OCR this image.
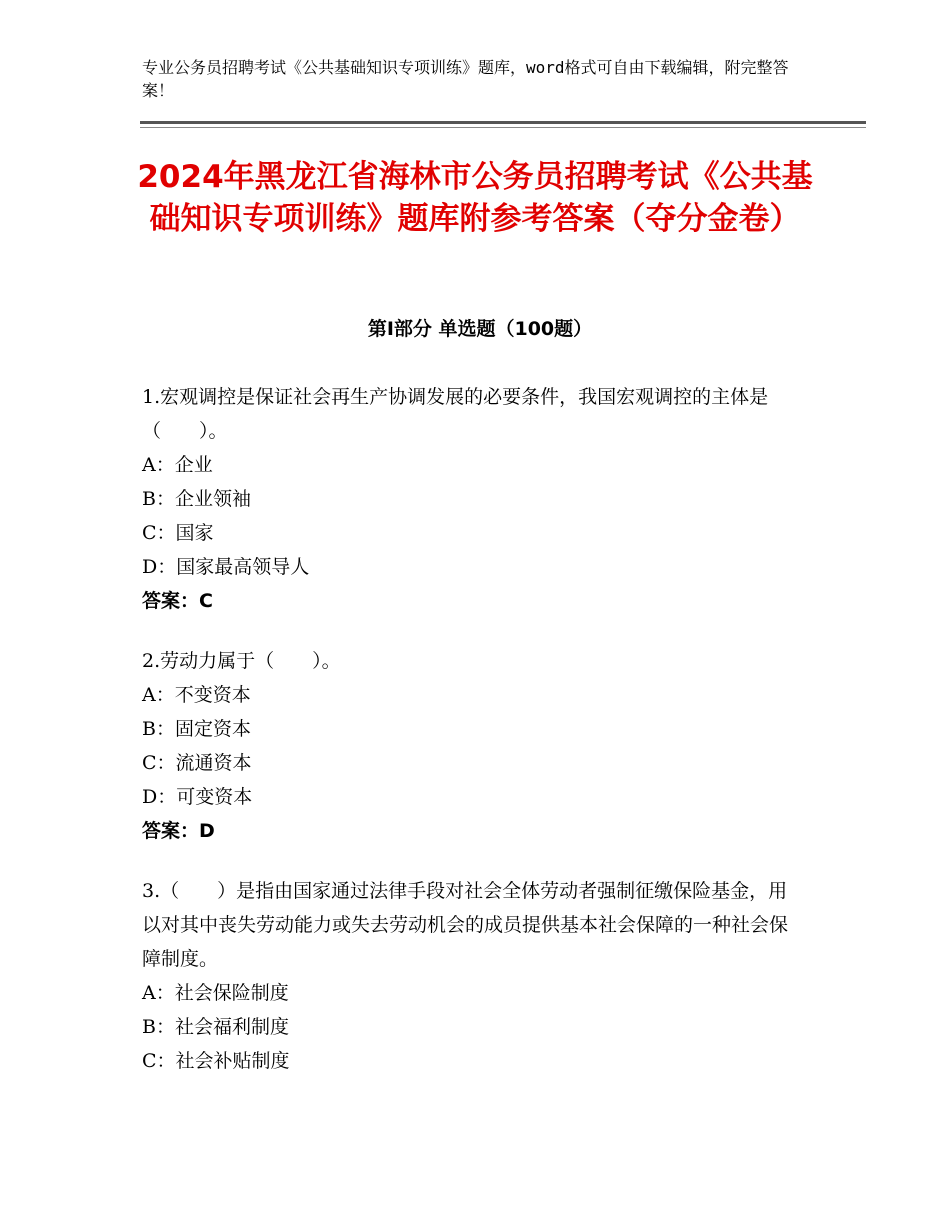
专业公务员招聘考试《公共基础知识专项训练》题库，word格式可自由下载编辑，附完整答案！
2024年黑龙江省海林市公务员招聘考试《公共基础知识专项训练》题库附参考答案（夺分金卷）
第Ⅰ部分 单选题（100题）

1.宏观调控是保证社会再生产协调发展的必要条件，我国宏观调控的主体是（　　）。

A：企业

B：企业领袖

C：国家

D：国家最高领导人

答案：C

2.劳动力属于（　　）。

A：不变资本

B：固定资本

C：流通资本

D：可变资本

答案：D

3.（　　）是指由国家通过法律手段对社会全体劳动者强制征缴保险基金，用以对其中丧失劳动能力或失去劳动机会的成员提供基本社会保障的一种社会保障制度。

A：社会保险制度

B：社会福利制度

C：社会补贴制度
